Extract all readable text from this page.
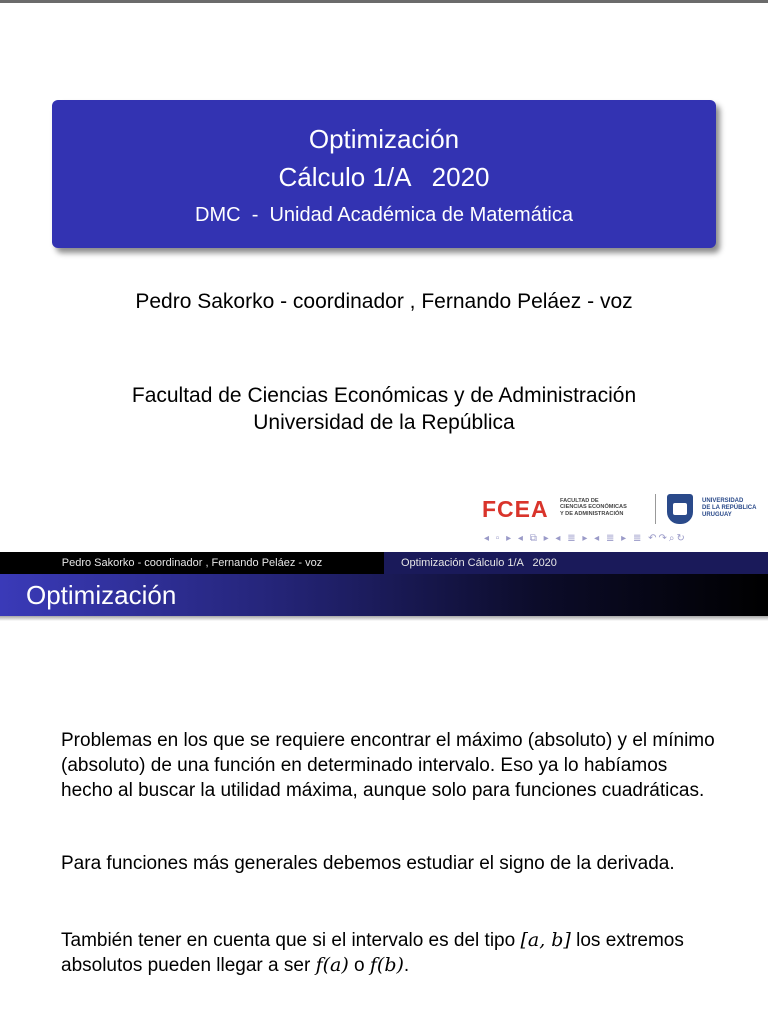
Optimización
Cálculo 1/A   2020
DMC  -  Unidad Académica de Matemática
Pedro Sakorko - coordinador , Fernando Peláez - voz
Facultad de Ciencias Económicas y de Administración
Universidad de la República
FCEA FACULTAD DE
CIENCIAS ECONÓMICAS
Y DE ADMINISTRACIÓN
UNIVERSIDAD
DE LA REPÚBLICA
URUGUAY
◂ ▫ ▸ ◂ ⧉ ▸ ◂ ≣ ▸ ◂ ≣ ▸ ≣ ↶↷⌕↻
Pedro Sakorko - coordinador , Fernando Peláez - voz	Optimización Cálculo 1/A   2020
Optimización
Problemas en los que se requiere encontrar el máximo (absoluto) y el mínimo (absoluto) de una función en determinado intervalo. Eso ya lo habíamos hecho al buscar la utilidad máxima, aunque solo para funciones cuadráticas.
Para funciones más generales debemos estudiar el signo de la derivada.
También tener en cuenta que si el intervalo es del tipo [a, b] los extremos absolutos pueden llegar a ser f(a) o f(b).
